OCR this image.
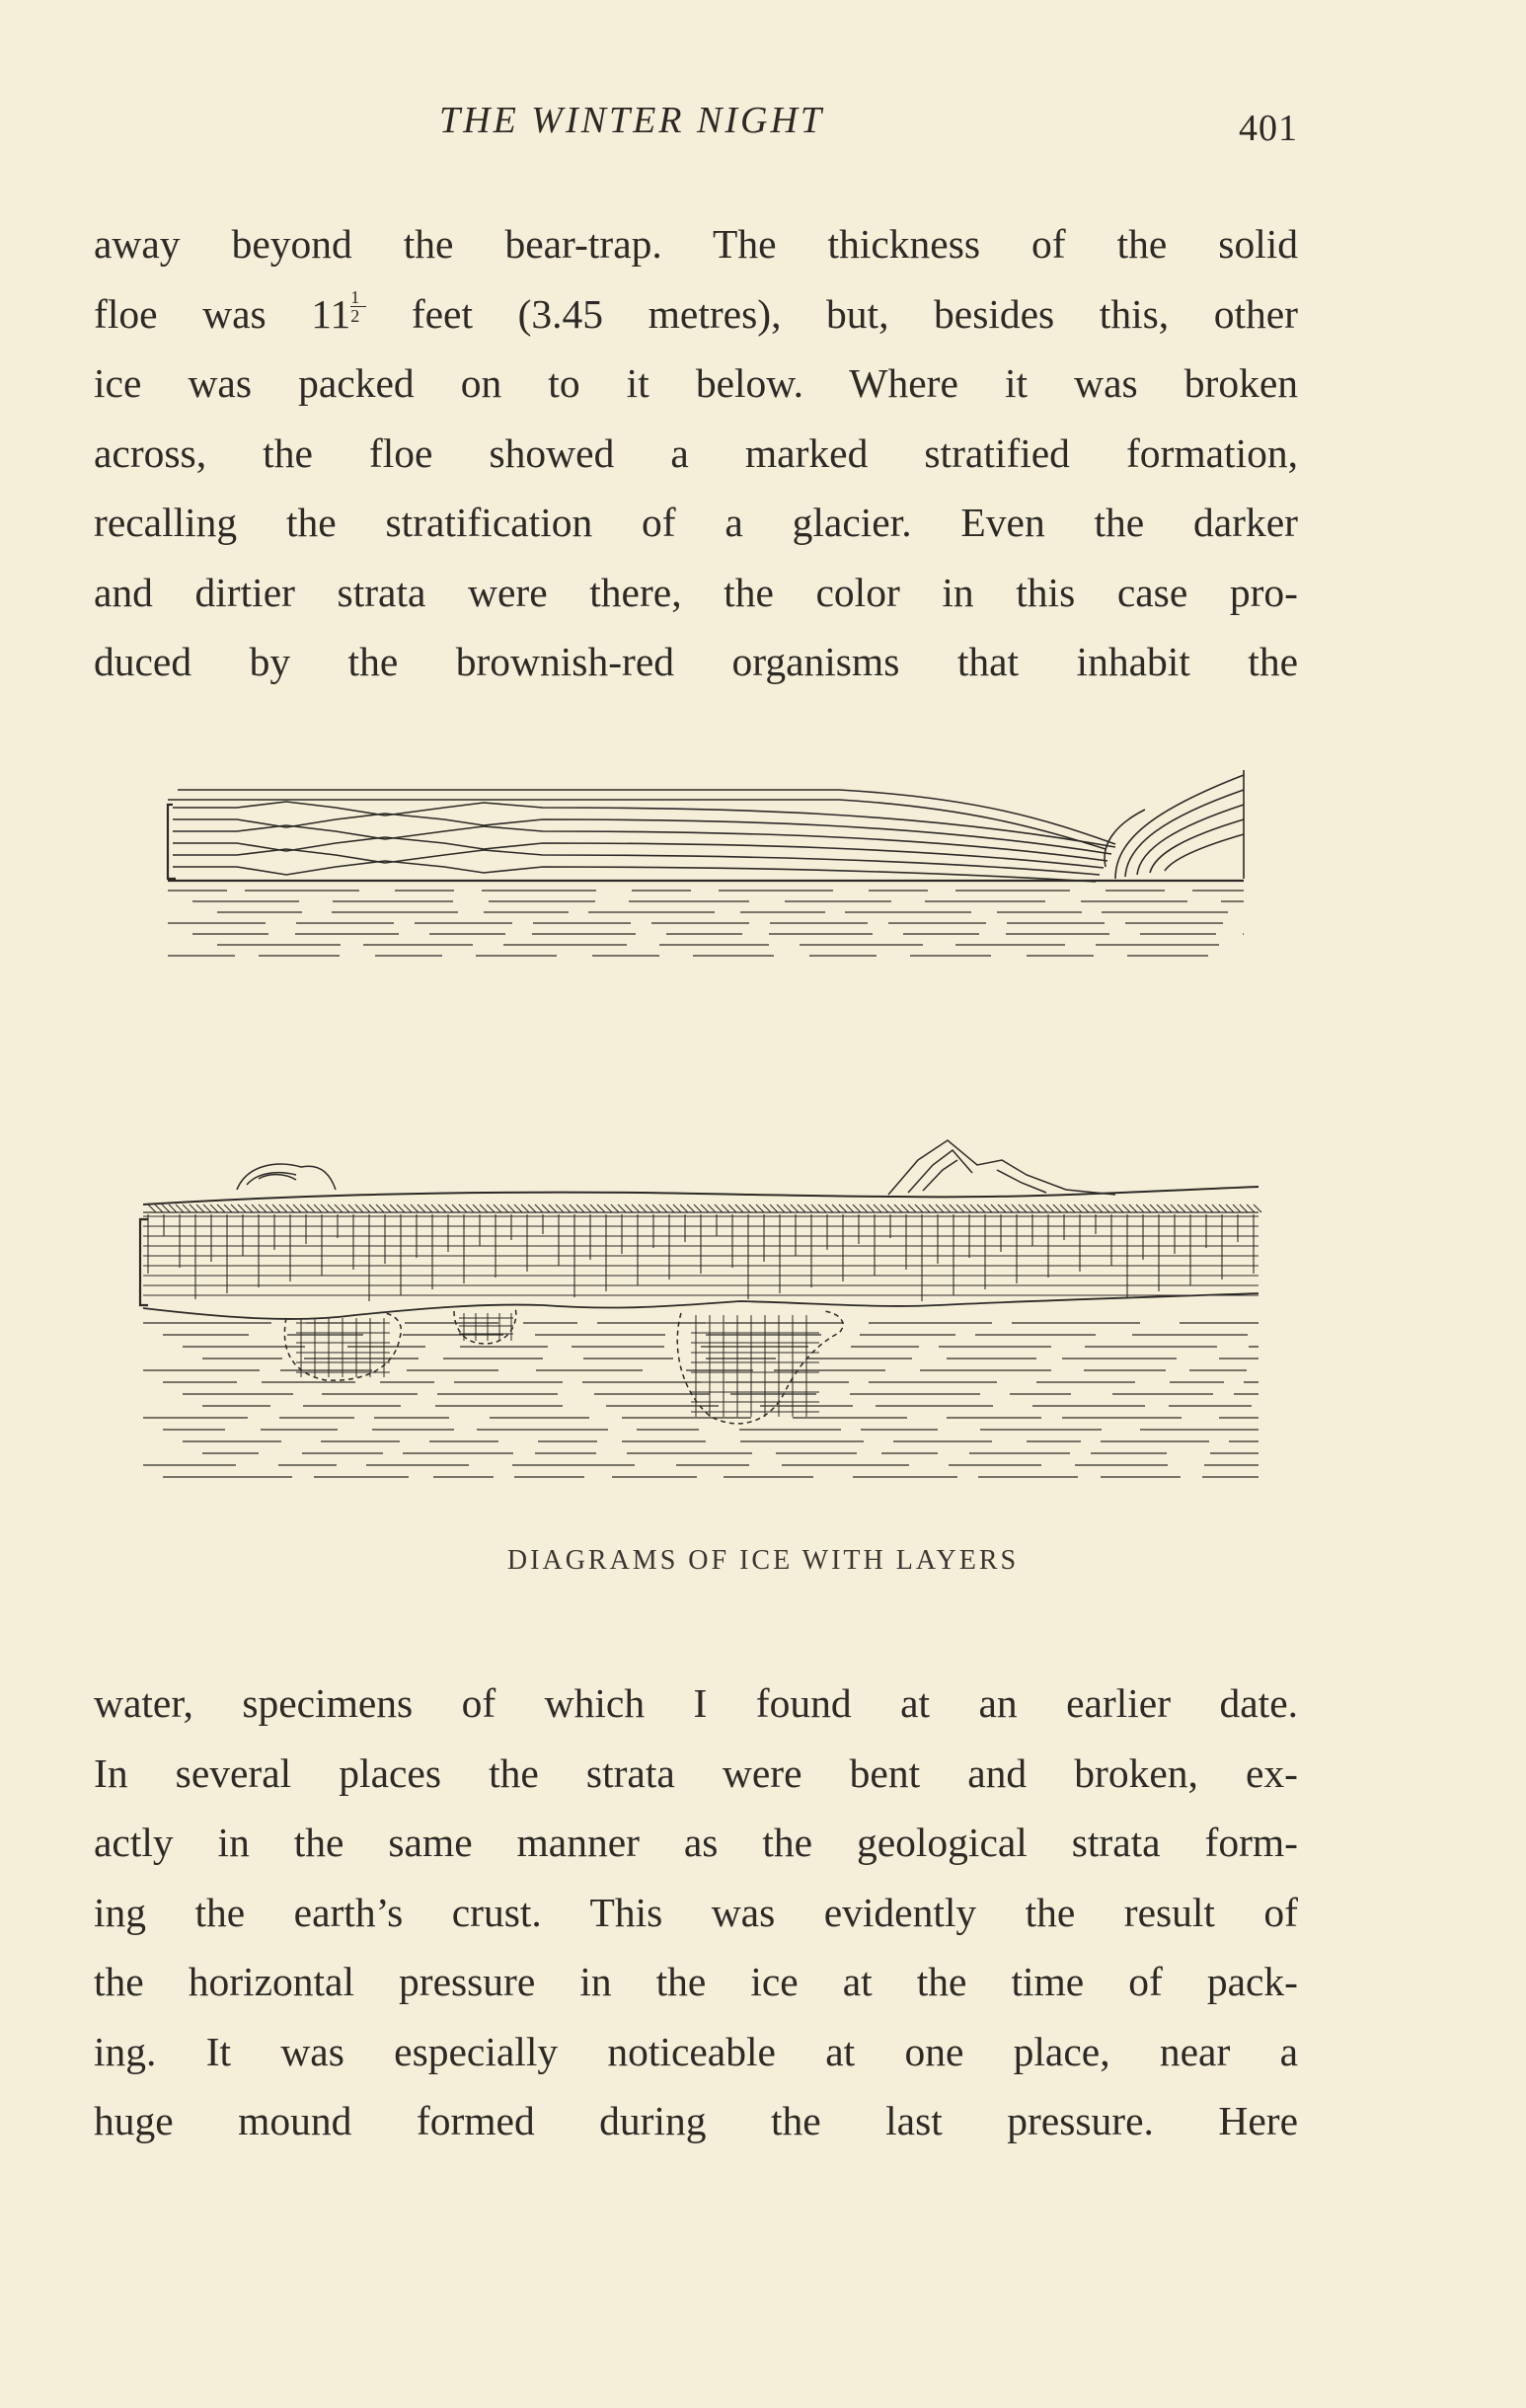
THE WINTER NIGHT	401
away beyond the bear-trap. The thickness of the solid
floe was $11 \frac{1}{2}$ feet (3.45 metres), but, besides this, other
ice was packed on to it below. Where it was broken
across, the floe showed a marked stratified formation,
recalling the stratification of a glacier. Even the darker
and dirtier strata were there, the color in this case pro-
duced by the brownish-red organisms that inhabit the
DIAGRAMS OF ICE WITH LAYERS
water, specimens of which I found at an earlier date.
In several places the strata were bent and broken, ex-
actly in the same manner as the geological strata form-
ing the earth’s crust. This was evidently the result of
the horizontal pressure in the ice at the time of pack-
ing. It was especially noticeable at one place, near a
huge mound formed during the last pressure. Here
